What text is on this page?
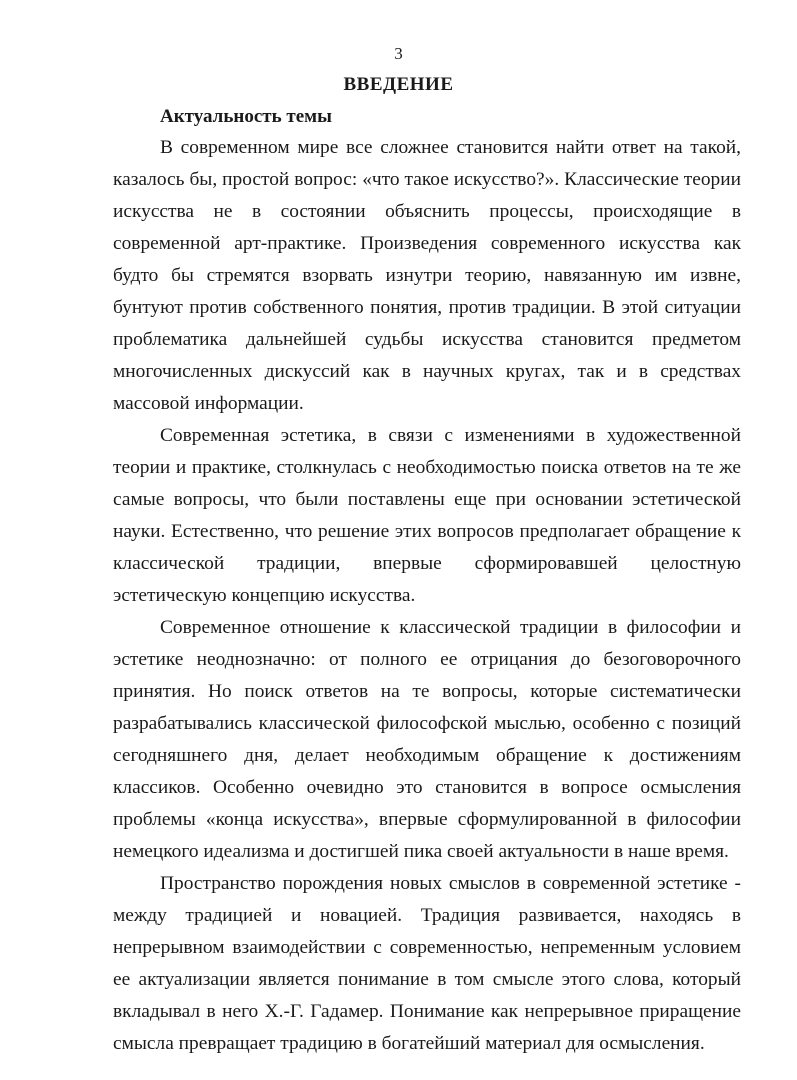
3
ВВЕДЕНИЕ
Актуальность темы

В современном мире все сложнее становится найти ответ на такой, казалось бы, простой вопрос: «что такое искусство?». Классические теории искусства не в состоянии объяснить процессы, происходящие в современной арт-практике. Произведения современного искусства как будто бы стремятся взорвать изнутри теорию, навязанную им извне, бунтуют против собственного понятия, против традиции. В этой ситуации проблематика дальнейшей судьбы искусства становится предметом многочисленных дискуссий как в научных кругах, так и в средствах массовой информации.

Современная эстетика, в связи с изменениями в художественной теории и практике, столкнулась с необходимостью поиска ответов на те же самые вопросы, что были поставлены еще при основании эстетической науки. Естественно, что решение этих вопросов предполагает обращение к классической традиции, впервые сформировавшей целостную эстетическую концепцию искусства.

Современное отношение к классической традиции в философии и эстетике неоднозначно: от полного ее отрицания до безоговорочного принятия. Но поиск ответов на те вопросы, которые систематически разрабатывались классической философской мыслью, особенно с позиций сегодняшнего дня, делает необходимым обращение к достижениям классиков. Особенно очевидно это становится в вопросе осмысления проблемы «конца искусства», впервые сформулированной в философии немецкого идеализма и достигшей пика своей актуальности в наше время.

Пространство порождения новых смыслов в современной эстетике - между традицией и новацией. Традиция развивается, находясь в непрерывном взаимодействии с современностью, непременным условием ее актуализации является понимание в том смысле этого слова, который вкладывал в него Х.-Г. Гадамер. Понимание как непрерывное приращение смысла превращает традицию в богатейший материал для осмысления.
